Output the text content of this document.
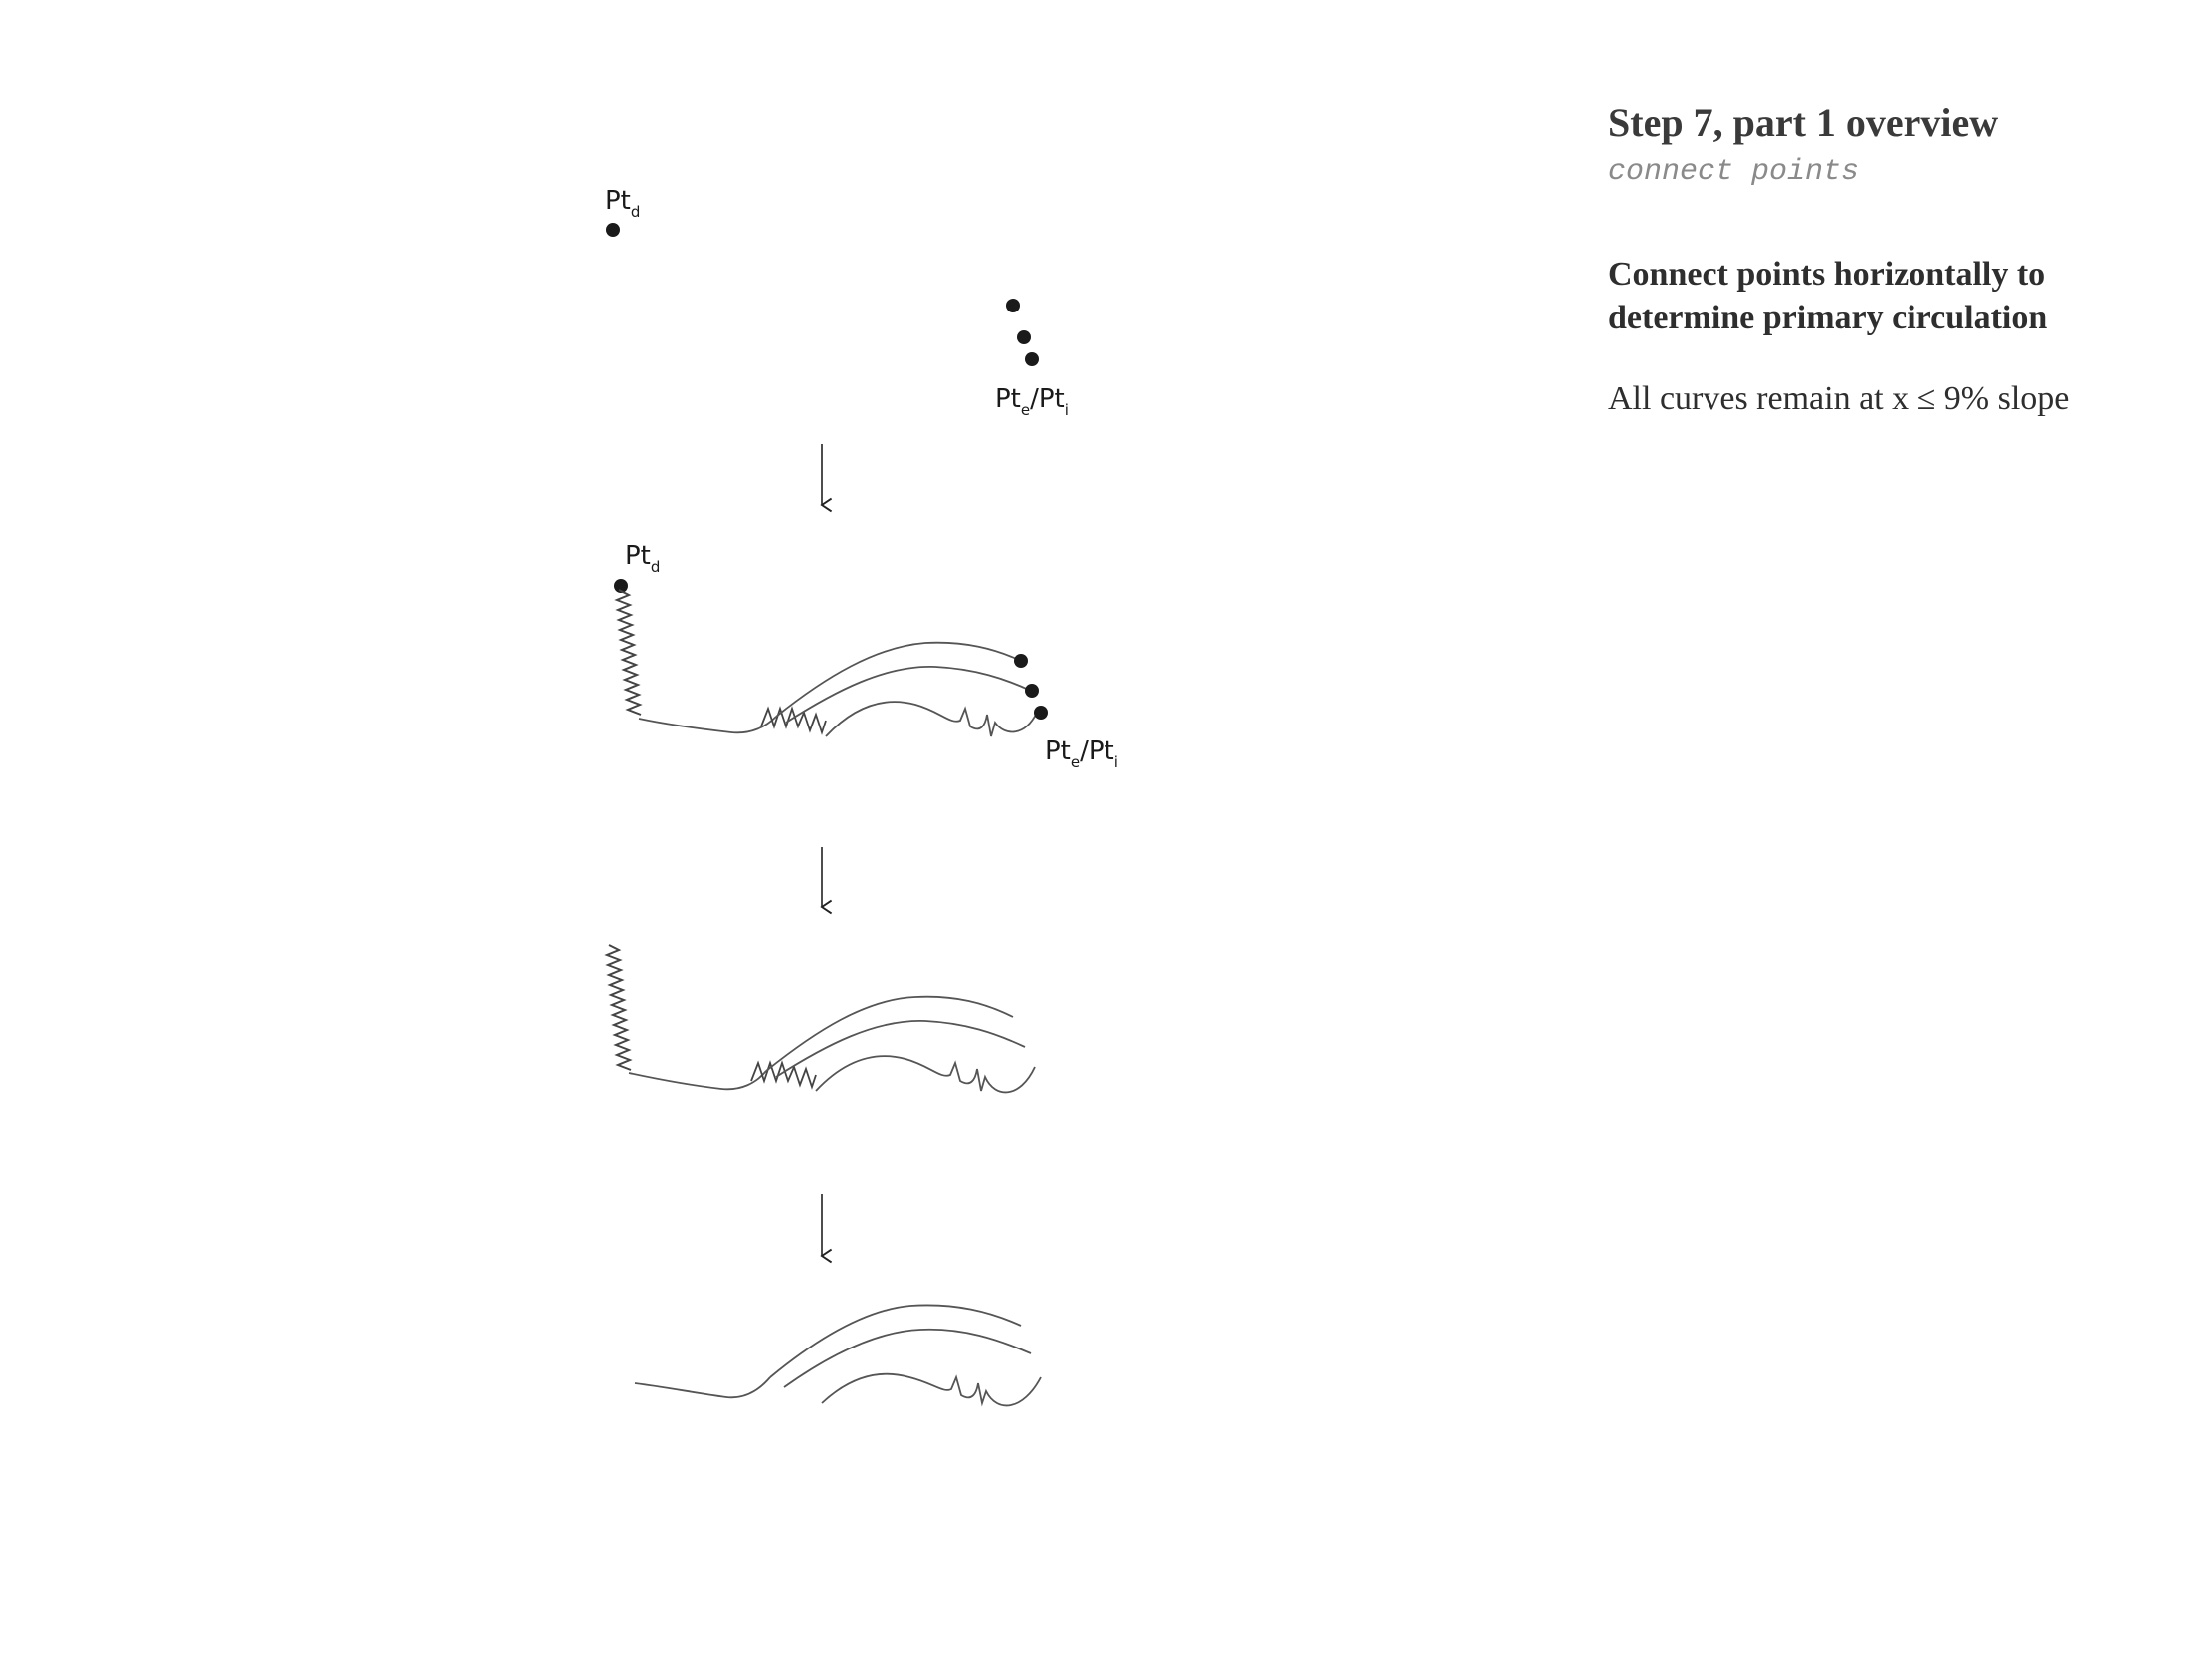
Ptd
Pte/Pti
Ptd
Pte/Pti
Step 7, part 1 overview

connect points

Connect points horizontally to
determine primary circulation

All curves remain at x ≤ 9% slope
